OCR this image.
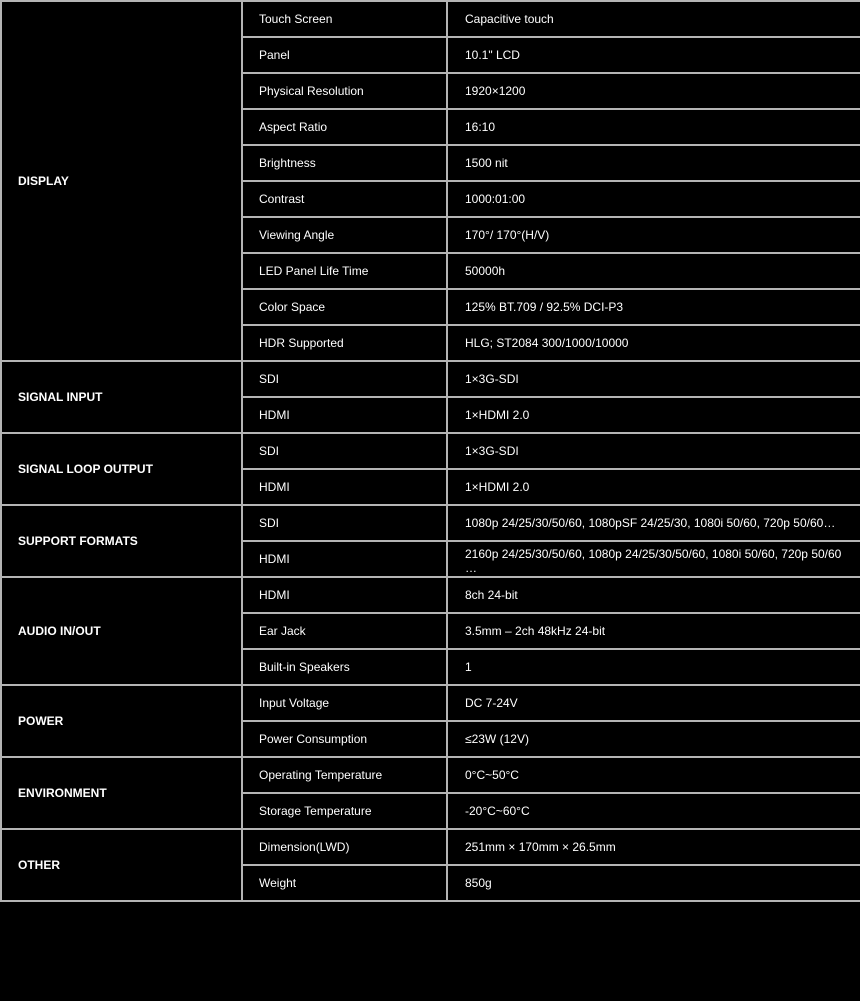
DISPLAY	Touch Screen	Capacitive touch

	Panel	10.1" LCD

	Physical Resolution	1920×1200

	Aspect Ratio	16:10

	Brightness	1500 nit

	Contrast	1000:01:00

	Viewing Angle	170°/ 170°(H/V)

	LED Panel Life Time	50000h

	Color Space	125% BT.709 / 92.5% DCI-P3

	HDR Supported	HLG; ST2084 300/1000/10000

SIGNAL INPUT	SDI	1×3G-SDI

	HDMI	1×HDMI 2.0

SIGNAL LOOP OUTPUT	SDI	1×3G-SDI

	HDMI	1×HDMI 2.0

SUPPORT FORMATS	SDI	1080p 24/25/30/50/60, 1080pSF 24/25/30, 1080i 50/60, 720p 50/60…

	HDMI	2160p 24/25/30/50/60, 1080p 24/25/30/50/60, 1080i 50/60, 720p 50/60 …

AUDIO IN/OUT	HDMI	8ch 24-bit

	Ear Jack	3.5mm – 2ch 48kHz 24-bit

	Built-in Speakers	1

POWER	Input Voltage	DC 7-24V

	Power Consumption	≤23W (12V)

ENVIRONMENT	Operating Temperature	0°C~50°C

	Storage Temperature	-20°C~60°C

OTHER	Dimension(LWD)	251mm × 170mm × 26.5mm

	Weight	850g
